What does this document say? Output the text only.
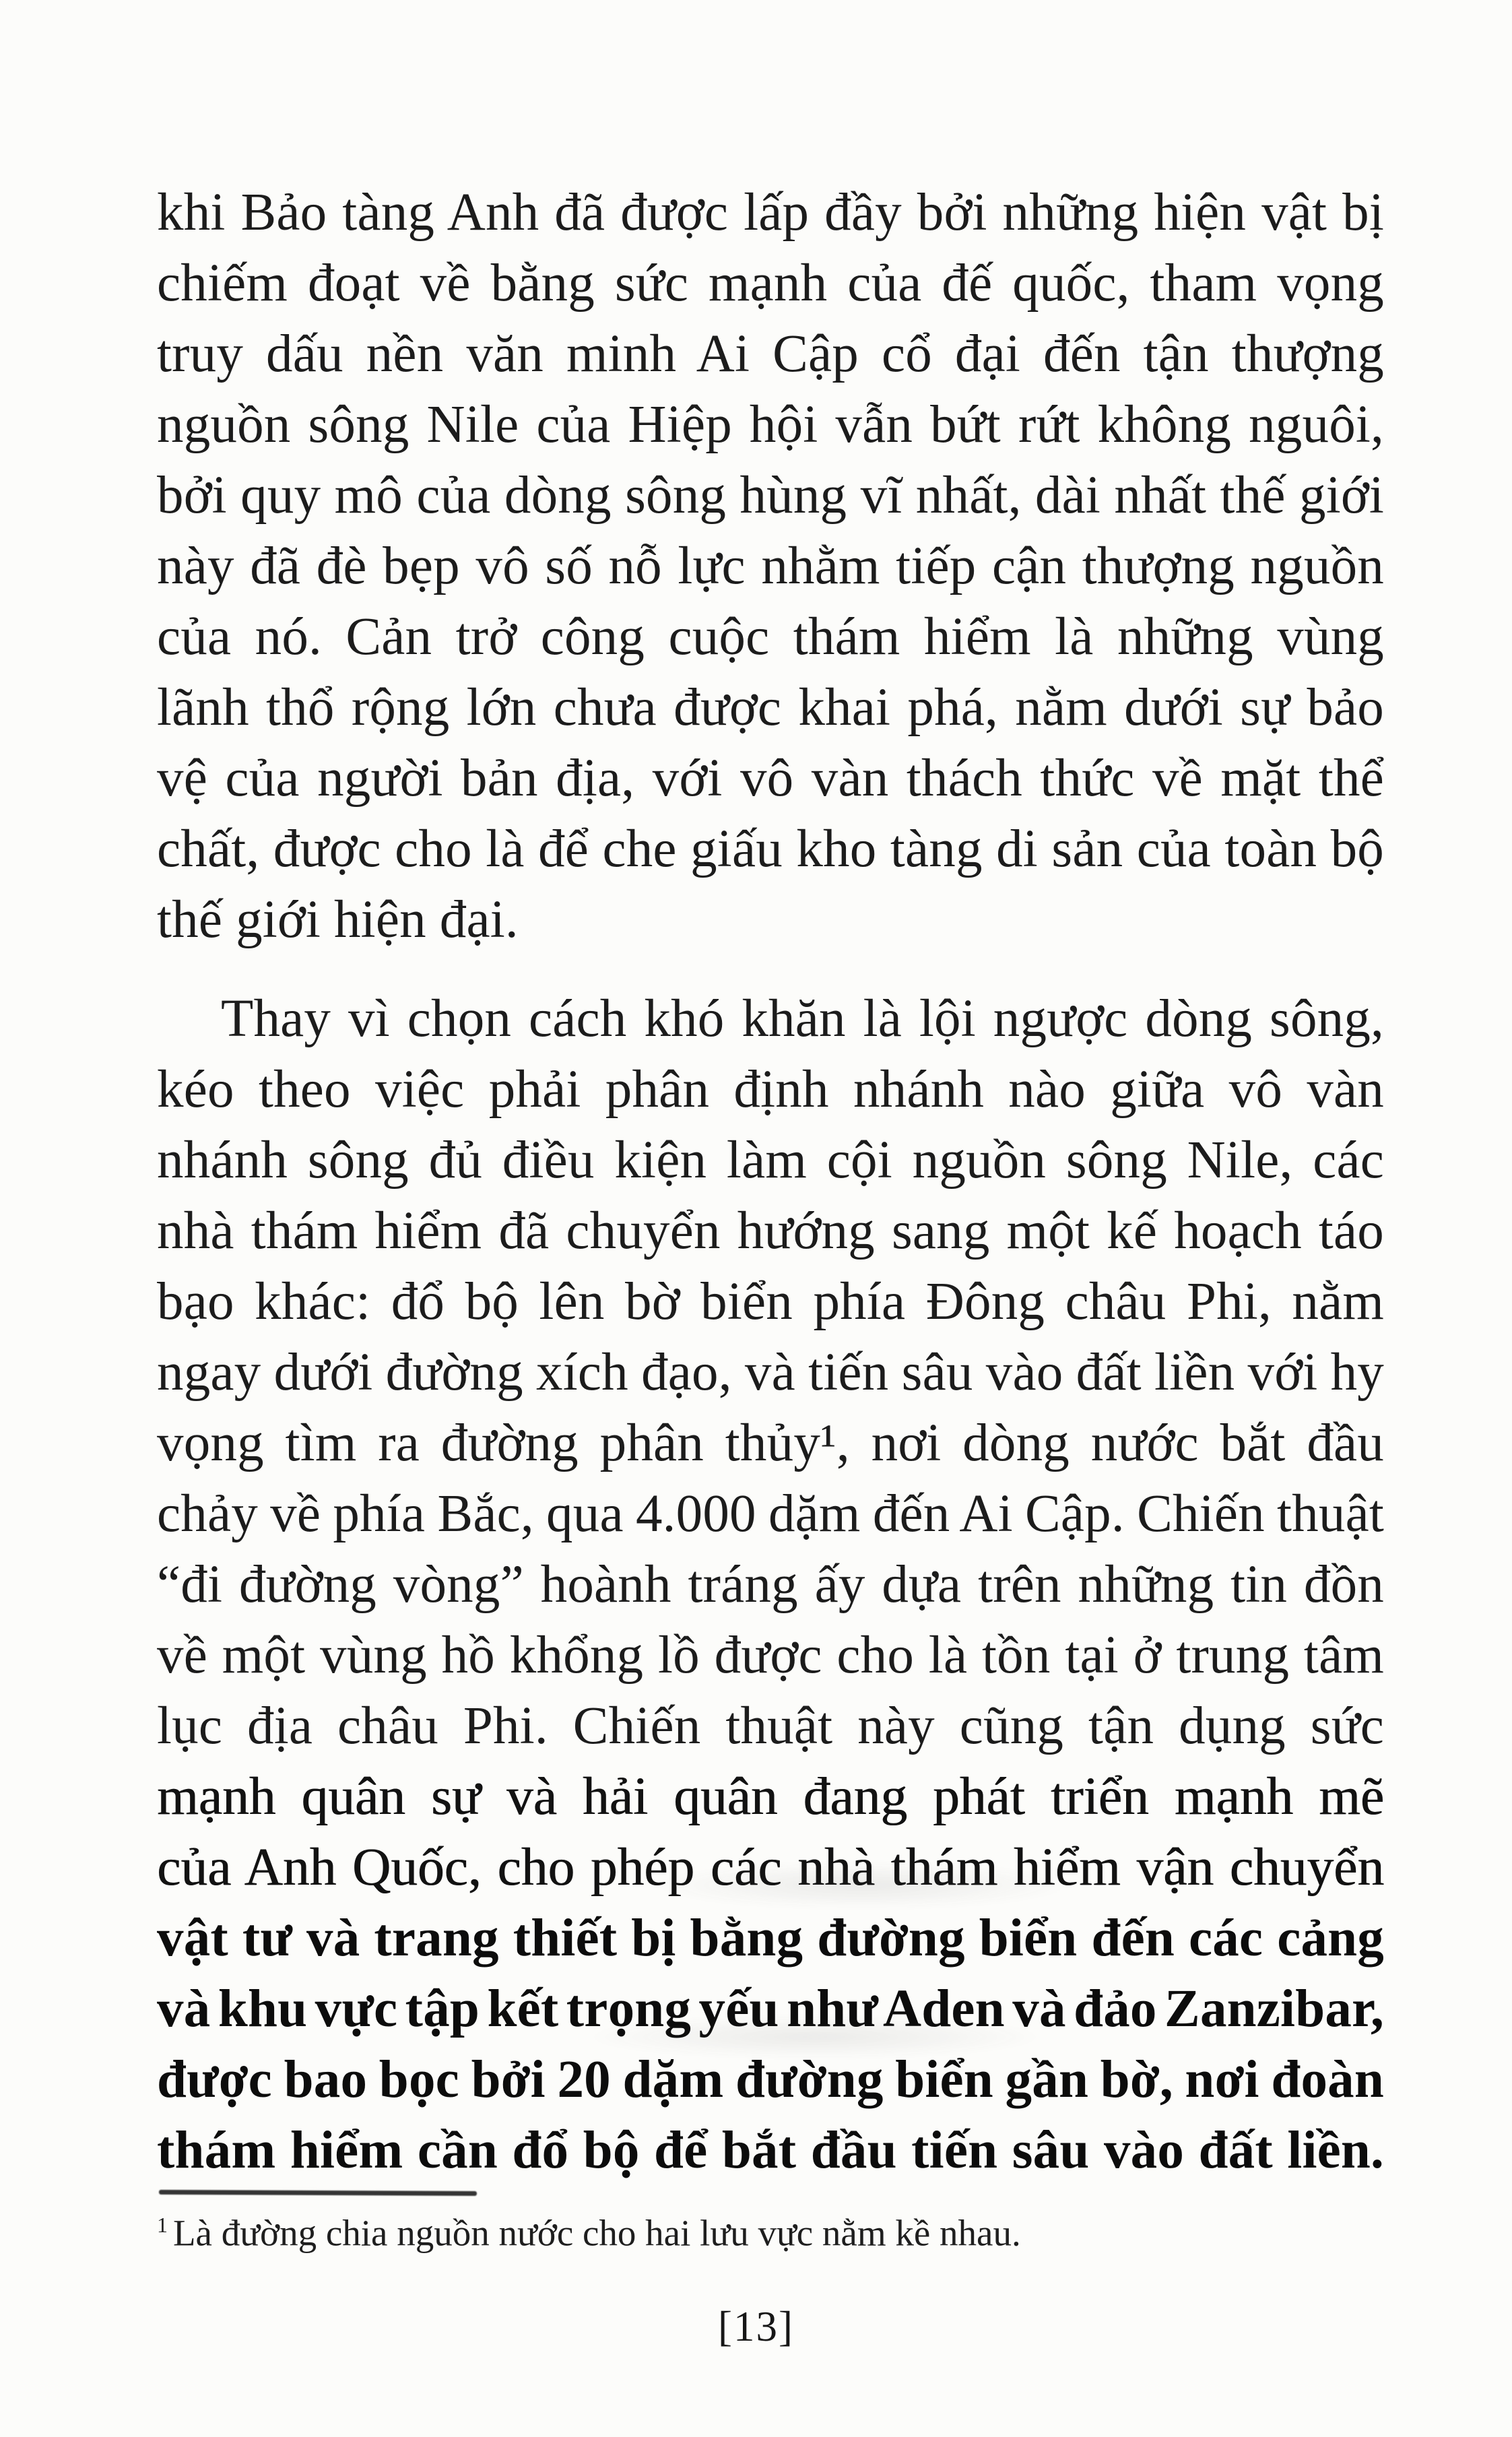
khi Bảo tàng Anh đã được lấp đầy bởi những hiện vật bị
chiếm đoạt về bằng sức mạnh của đế quốc, tham vọng
truy dấu nền văn minh Ai Cập cổ đại đến tận thượng
nguồn sông Nile của Hiệp hội vẫn bứt rứt không nguôi,
bởi quy mô của dòng sông hùng vĩ nhất, dài nhất thế giới
này đã đè bẹp vô số nỗ lực nhằm tiếp cận thượng nguồn
của nó. Cản trở công cuộc thám hiểm là những vùng
lãnh thổ rộng lớn chưa được khai phá, nằm dưới sự bảo
vệ của người bản địa, với vô vàn thách thức về mặt thể
chất, được cho là để che giấu kho tàng di sản của toàn bộ
thế giới hiện đại.
Thay vì chọn cách khó khăn là lội ngược dòng sông,
kéo theo việc phải phân định nhánh nào giữa vô vàn
nhánh sông đủ điều kiện làm cội nguồn sông Nile, các
nhà thám hiểm đã chuyển hướng sang một kế hoạch táo
bạo khác: đổ bộ lên bờ biển phía Đông châu Phi, nằm
ngay dưới đường xích đạo, và tiến sâu vào đất liền với hy
vọng tìm ra đường phân thủy¹, nơi dòng nước bắt đầu
chảy về phía Bắc, qua 4.000 dặm đến Ai Cập. Chiến thuật
“đi đường vòng” hoành tráng ấy dựa trên những tin đồn
về một vùng hồ khổng lồ được cho là tồn tại ở trung tâm
lục địa châu Phi. Chiến thuật này cũng tận dụng sức
mạnh quân sự và hải quân đang phát triển mạnh mẽ
của Anh Quốc, cho phép các nhà thám hiểm vận chuyển
vật tư và trang thiết bị bằng đường biển đến các cảng
và khu vực tập kết trọng yếu như Aden và đảo Zanzibar,
được bao bọc bởi 20 dặm đường biển gần bờ, nơi đoàn
thám hiểm cần đổ bộ để bắt đầu tiến sâu vào đất liền.
$^1$ Là đường chia nguồn nước cho hai lưu vực nằm kề nhau.
[13]
